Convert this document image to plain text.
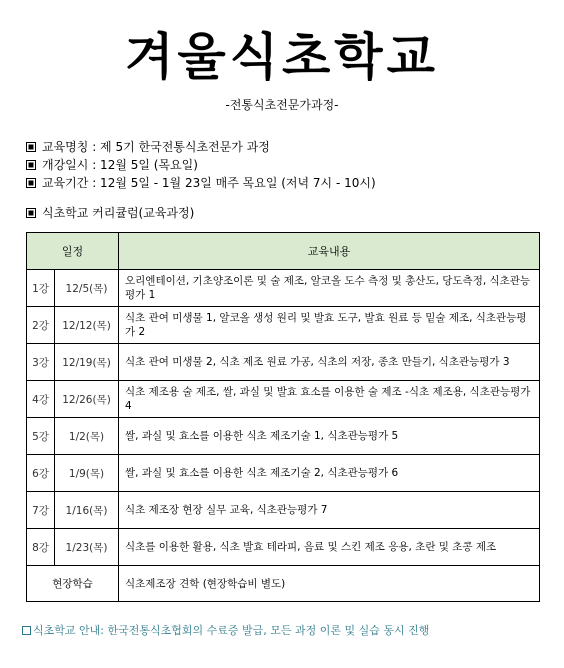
겨울식초학교
-전통식초전문가과정-
교육명칭 : 제 5기 한국전통식초전문가 과정
개강일시 : 12월 5일 (목요일)
교육기간 : 12월 5일 - 1월 23일 매주 목요일 (저녁 7시 - 10시)
식초학교 커리큘럼(교육과정)
일정		교육내용
1강	12/5(목)	오리엔테이션, 기초양조이론 및 술 제조, 알코올 도수 측정 및 총산도, 당도측정, 식초관능평가 1
2강	12/12(목)	식초 관여 미생물 1, 알코올 생성 원리 및 발효 도구, 발효 원료 등 밑술 제조, 식초관능평가 2
3강	12/19(목)	식초 관여 미생물 2, 식초 제조 원료 가공, 식초의 저장, 종초 만들기, 식초관능평가 3
4강	12/26(목)	식초 제조용 술 제조, 쌀, 과실 및 발효 효소를 이용한 술 제조 -식초 제조용, 식초관능평가 4
5강	1/2(목)	쌀, 과실 및 효소를 이용한 식초 제조기술 1, 식초관능평가 5
6강	1/9(목)	쌀, 과실 및 효소를 이용한 식초 제조기술 2, 식초관능평가 6
7강	1/16(목)	식초 제조장 현장 실무 교육, 식초관능평가 7
8강	1/23(목)	식초를 이용한 활용, 식초 발효 테라피, 음료 및 스킨 제조 응용, 초란 및 초콩 제조
현장학습		식초제조장 견학 (현장학습비 별도)
식초학교 안내: 한국전통식초협회의 수료증 발급, 모든 과정 이론 및 실습 동시 진행
